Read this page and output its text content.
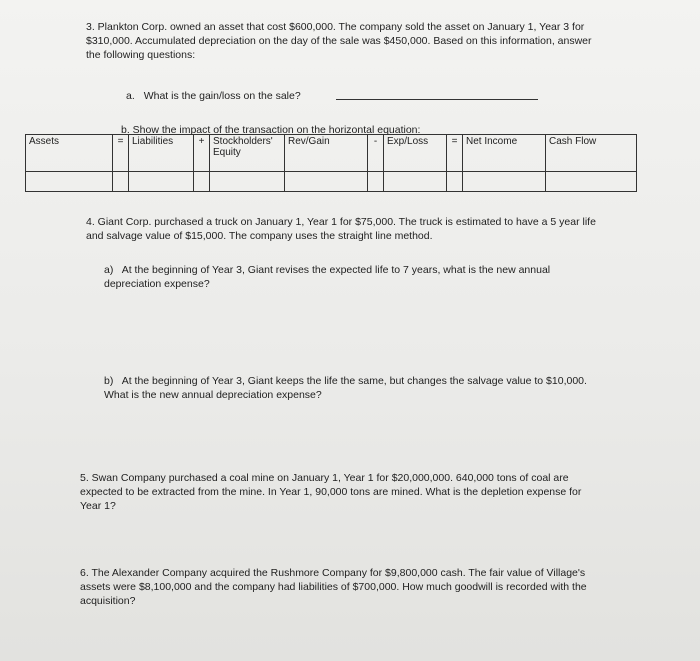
3. Plankton Corp. owned an asset that cost $600,000. The company sold the asset on January 1, Year 3 for $310,000. Accumulated depreciation on the day of the sale was $450,000. Based on this information, answer the following questions:
a. What is the gain/loss on the sale?
b. Show the impact of the transaction on the horizontal equation:
Assets	=	Liabilities	+	Stockholders' Equity	Rev/Gain	-	Exp/Loss	=	Net Income	Cash Flow

4. Giant Corp. purchased a truck on January 1, Year 1 for $75,000. The truck is estimated to have a 5 year life and salvage value of $15,000. The company uses the straight line method.
a) At the beginning of Year 3, Giant revises the expected life to 7 years, what is the new annual depreciation expense?
b) At the beginning of Year 3, Giant keeps the life the same, but changes the salvage value to $10,000. What is the new annual depreciation expense?
5. Swan Company purchased a coal mine on January 1, Year 1 for $20,000,000. 640,000 tons of coal are expected to be extracted from the mine. In Year 1, 90,000 tons are mined. What is the depletion expense for Year 1?
6. The Alexander Company acquired the Rushmore Company for $9,800,000 cash. The fair value of Village's assets were $8,100,000 and the company had liabilities of $700,000. How much goodwill is recorded with the acquisition?
